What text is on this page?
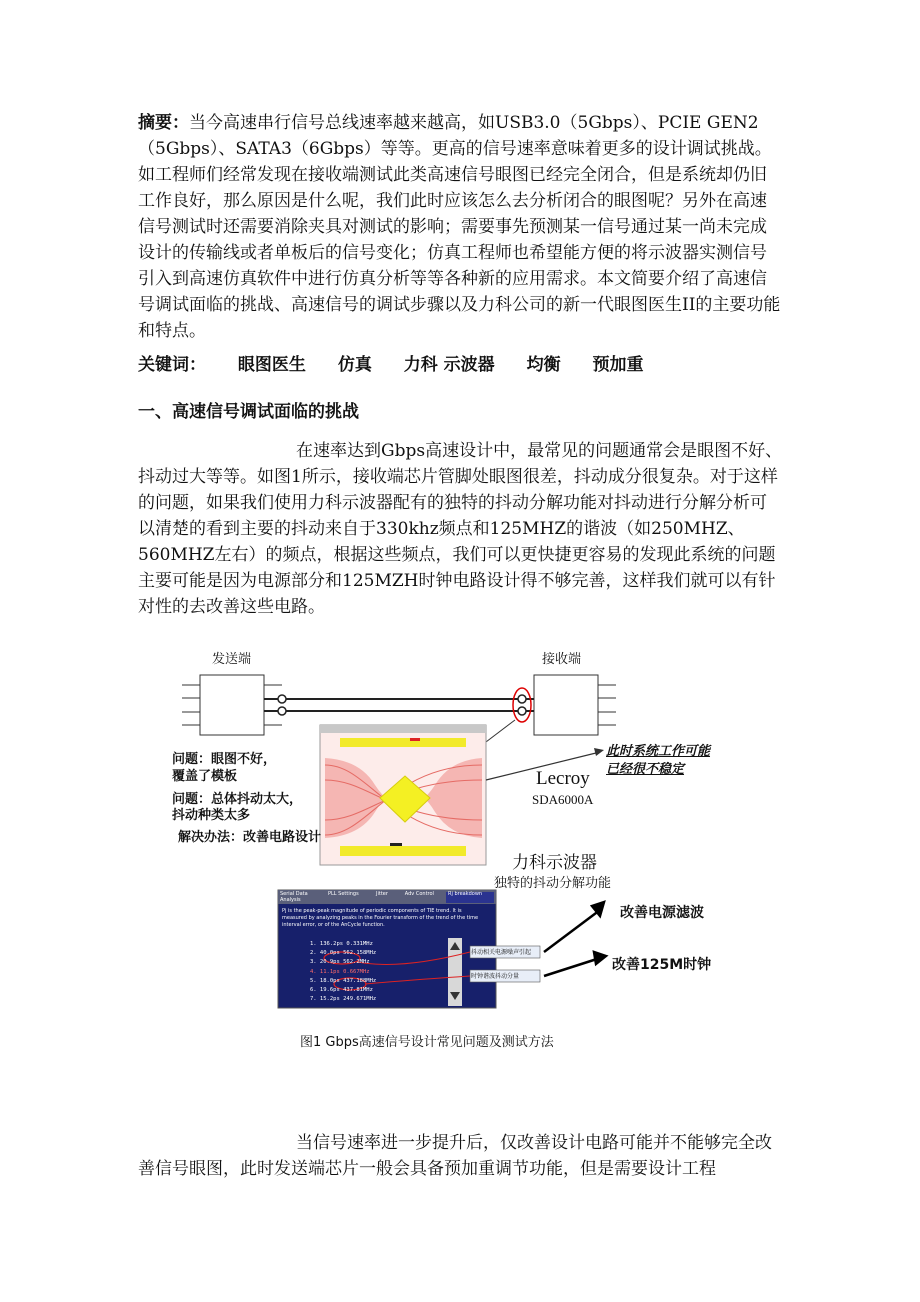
摘要：当今高速串行信号总线速率越来越高，如USB3.0（5Gbps）、PCIE GEN2（5Gbps）、SATA3（6Gbps）等等。更高的信号速率意味着更多的设计调试挑战。如工程师们经常发现在接收端测试此类高速信号眼图已经完全闭合，但是系统却仍旧工作良好，那么原因是什么呢，我们此时应该怎么去分析闭合的眼图呢？另外在高速信号测试时还需要消除夹具对测试的影响；需要事先预测某一信号通过某一尚未完成设计的传输线或者单板后的信号变化；仿真工程师也希望能方便的将示波器实测信号引入到高速仿真软件中进行仿真分析等等各种新的应用需求。本文简要介绍了高速信号调试面临的挑战、高速信号的调试步骤以及力科公司的新一代眼图医生II的主要功能和特点。

关键词： 眼图医生 仿真 力科 示波器 均衡 预加重
一、高速信号调试面临的挑战

在速率达到Gbps高速设计中，最常见的问题通常会是眼图不好、抖动过大等等。如图1所示，接收端芯片管脚处眼图很差，抖动成分很复杂。对于这样的问题，如果我们使用力科示波器配有的独特的抖动分解功能对抖动进行分解分析可以清楚的看到主要的抖动来自于330khz频点和125MHZ的谐波（如250MHZ、560MHZ左右）的频点，根据这些频点，我们可以更快捷更容易的发现此系统的问题主要可能是因为电源部分和125MZH时钟电路设计得不够完善，这样我们就可以有针对性的去改善这些电路。

发送端	接收端
问题：眼图不好，
覆盖了模板
问题：总体抖动太大，
抖动种类太多
解决办法：改善电路设计
此时系统工作可能
已经很不稳定
Lecroy
SDA6000A
力科示波器
独特的抖动分解功能
Serial Data Analysis
PLL Settings	Jitter	Adv Control	Rj breakdown
Pj is the peak-peak magnitude of periodic components of TIE trend. It is measured by analyzing peaks in the Fourier transform of the trend of the time interval error, or of the AnCycle function.
1. 136.2ps 0.331MHz
2. 40.0ps 562.158MHz
3. 20.9ps 562.2MHz
4. 11.1ps 0.667MHz
5. 18.0ps 437.188MHz
6. 19.6ps 437.81MHz
7. 15.2ps 249.671MHz
抖动相关电源噪声引起
时钟谐波抖动分量
改善电源滤波
改善125M时钟
图1 Gbps高速信号设计常见问题及测试方法

当信号速率进一步提升后，仅改善设计电路可能并不能够完全改善信号眼图，此时发送端芯片一般会具备预加重调节功能，但是需要设计工程
